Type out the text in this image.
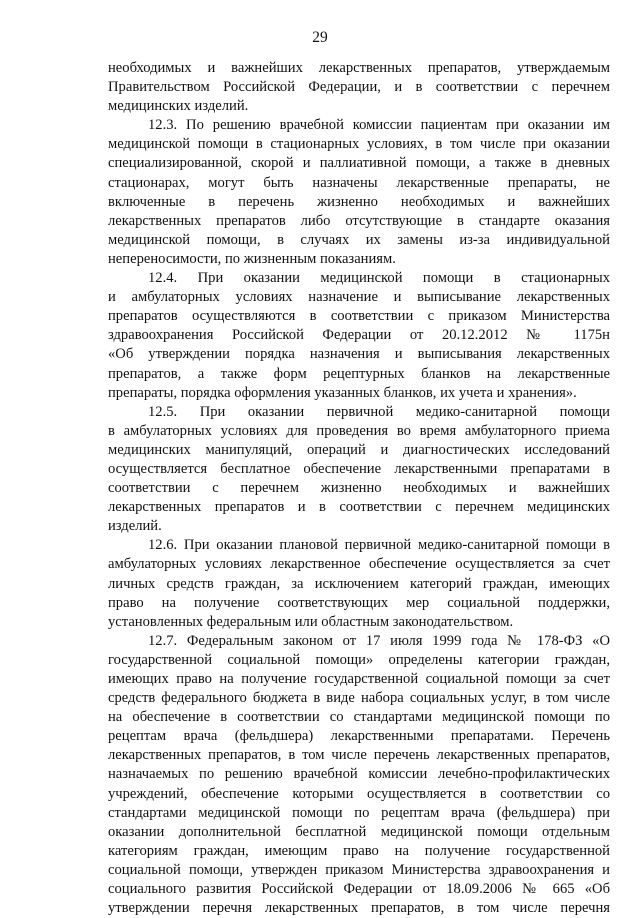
29
необходимых и важнейших лекарственных препаратов, утверждаемым
Правительством Российской Федерации, и в соответствии с перечнем
медицинских изделий.
12.3. По решению врачебной комиссии пациентам при оказании им
медицинской помощи в стационарных условиях, в том числе при оказании
специализированной, скорой и паллиативной помощи, а также в дневных
стационарах, могут быть назначены лекарственные препараты, не
включенные в перечень жизненно необходимых и важнейших
лекарственных препаратов либо отсутствующие в стандарте оказания
медицинской помощи, в случаях их замены из-за индивидуальной
непереносимости, по жизненным показаниям.
12.4. При оказании медицинской помощи в стационарных
и амбулаторных условиях назначение и выписывание лекарственных
препаратов осуществляются в соответствии с приказом Министерства
здравоохранения Российской Федерации от 20.12.2012 № 1175н
«Об утверждении порядка назначения и выписывания лекарственных
препаратов, а также форм рецептурных бланков на лекарственные
препараты, порядка оформления указанных бланков, их учета и хранения».
12.5. При оказании первичной медико-санитарной помощи
в амбулаторных условиях для проведения во время амбулаторного приема
медицинских манипуляций, операций и диагностических исследований
осуществляется бесплатное обеспечение лекарственными препаратами в
соответствии с перечнем жизненно необходимых и важнейших
лекарственных препаратов и в соответствии с перечнем медицинских
изделий.
12.6. При оказании плановой первичной медико-санитарной помощи в
амбулаторных условиях лекарственное обеспечение осуществляется за счет
личных средств граждан, за исключением категорий граждан, имеющих
право на получение соответствующих мер социальной поддержки,
установленных федеральным или областным законодательством.
12.7. Федеральным законом от 17 июля 1999 года № 178-ФЗ «О
государственной социальной помощи» определены категории граждан,
имеющих право на получение государственной социальной помощи за счет
средств федерального бюджета в виде набора социальных услуг, в том числе
на обеспечение в соответствии со стандартами медицинской помощи по
рецептам врача (фельдшера) лекарственными препаратами. Перечень
лекарственных препаратов, в том числе перечень лекарственных препаратов,
назначаемых по решению врачебной комиссии лечебно-профилактических
учреждений, обеспечение которыми осуществляется в соответствии со
стандартами медицинской помощи по рецептам врача (фельдшера) при
оказании дополнительной бесплатной медицинской помощи отдельным
категориям граждан, имеющим право на получение государственной
социальной помощи, утвержден приказом Министерства здравоохранения и
социального развития Российской Федерации от 18.09.2006 № 665 «Об
утверждении перечня лекарственных препаратов, в том числе перечня
